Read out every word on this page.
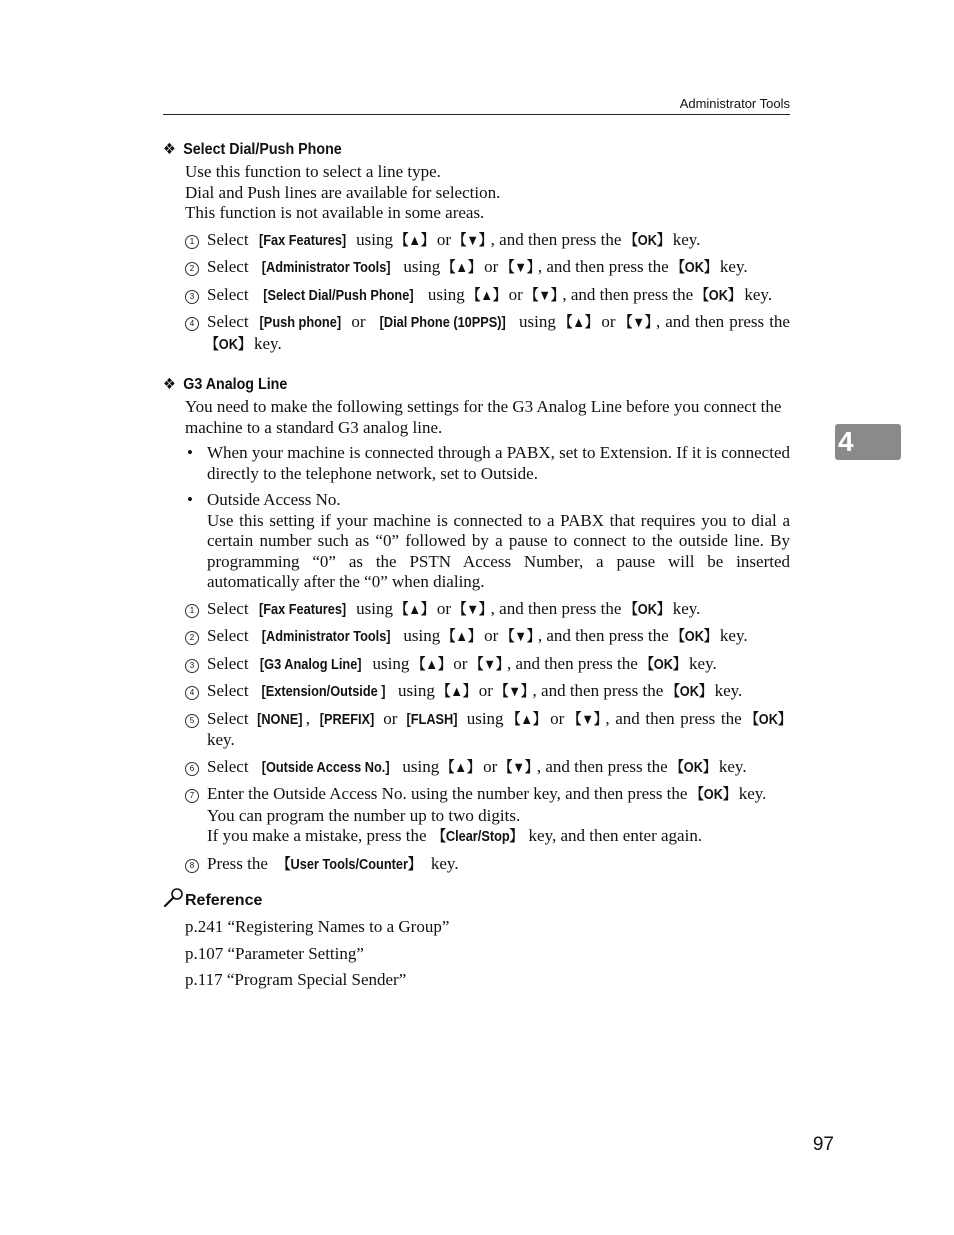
Administrator Tools
4
97
❖ Select Dial/Push Phone

Use this function to select a line type.

Dial and Push lines are available for selection.

This function is not available in some areas.

1 Select [Fax Features] using 【▲】 or 【▼】, and then press the 【OK】 key.
2 Select [Administrator Tools] using 【▲】 or 【▼】, and then press the 【OK】 key.
3 Select [Select Dial/Push Phone] using 【▲】 or 【▼】, and then press the 【OK】 key.
4 Select [Push phone] or [Dial Phone (10PPS)] using 【▲】 or 【▼】, and then press the 【OK】 key.
❖ G3 Analog Line

You need to make the following settings for the G3 Analog Line before you connect the machine to a standard G3 analog line.

• When your machine is connected through a PABX, set to Extension. If it is connected directly to the telephone network, set to Outside.

• Outside Access No.

Use this setting if your machine is connected to a PABX that requires you to dial a certain number such as “0” followed by a pause to connect to the outside line. By programming “0” as the PSTN Access Number, a pause will be inserted automatically after the “0” when dialing.

1 Select [Fax Features] using 【▲】 or 【▼】, and then press the 【OK】 key.
2 Select [Administrator Tools] using 【▲】 or 【▼】, and then press the 【OK】 key.
3 Select [G3 Analog Line] using 【▲】 or 【▼】, and then press the 【OK】 key.
4 Select [Extension/Outside ] using 【▲】 or 【▼】, and then press the 【OK】 key.
5 Select [NONE] , [PREFIX] or [FLASH] using 【▲】 or 【▼】, and then press the 【OK】 key.
6 Select [Outside Access No.] using 【▲】 or 【▼】, and then press the 【OK】 key.
7 Enter the Outside Access No. using the number key, and then press the 【OK】 key.
You can program the number up to two digits.
If you make a mistake, press the 【Clear/Stop】 key, and then enter again.
8 Press the 【User Tools/Counter】 key.
Reference
p.241 “Registering Names to a Group”
p.107 “Parameter Setting”
p.117 “Program Special Sender”
